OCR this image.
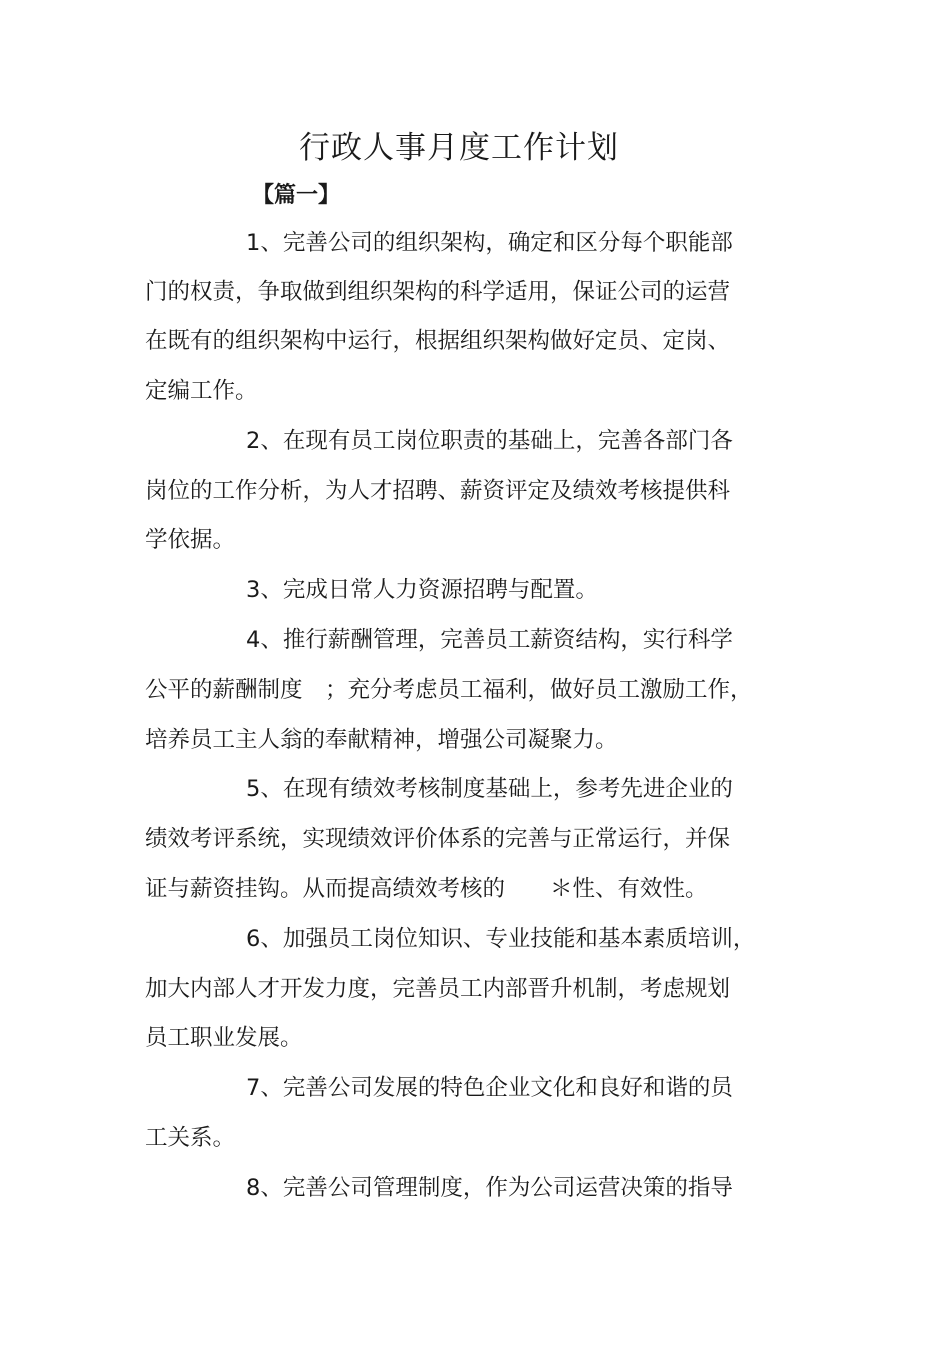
行政人事月度工作计划

【篇一】

1、完善公司的组织架构，确定和区分每个职能部

门的权责，争取做到组织架构的科学适用，保证公司的运营

在既有的组织架构中运行，根据组织架构做好定员、定岗、

定编工作。

2、在现有员工岗位职责的基础上，完善各部门各

岗位的工作分析，为人才招聘、薪资评定及绩效考核提供科

学依据。

3、完成日常人力资源招聘与配置。

4、推行薪酬管理，完善员工薪资结构，实行科学

公平的薪酬制度　；充分考虑员工福利，做好员工激励工作，

培养员工主人翁的奉献精神，增强公司凝聚力。

5、在现有绩效考核制度基础上，参考先进企业的

绩效考评系统，实现绩效评价体系的完善与正常运行，并保

证与薪资挂钩。从而提高绩效考核的　　＊性、有效性。

6、加强员工岗位知识、专业技能和基本素质培训，

加大内部人才开发力度，完善员工内部晋升机制，考虑规划

员工职业发展。

7、完善公司发展的特色企业文化和良好和谐的员

工关系。

8、完善公司管理制度，作为公司运营决策的指导
